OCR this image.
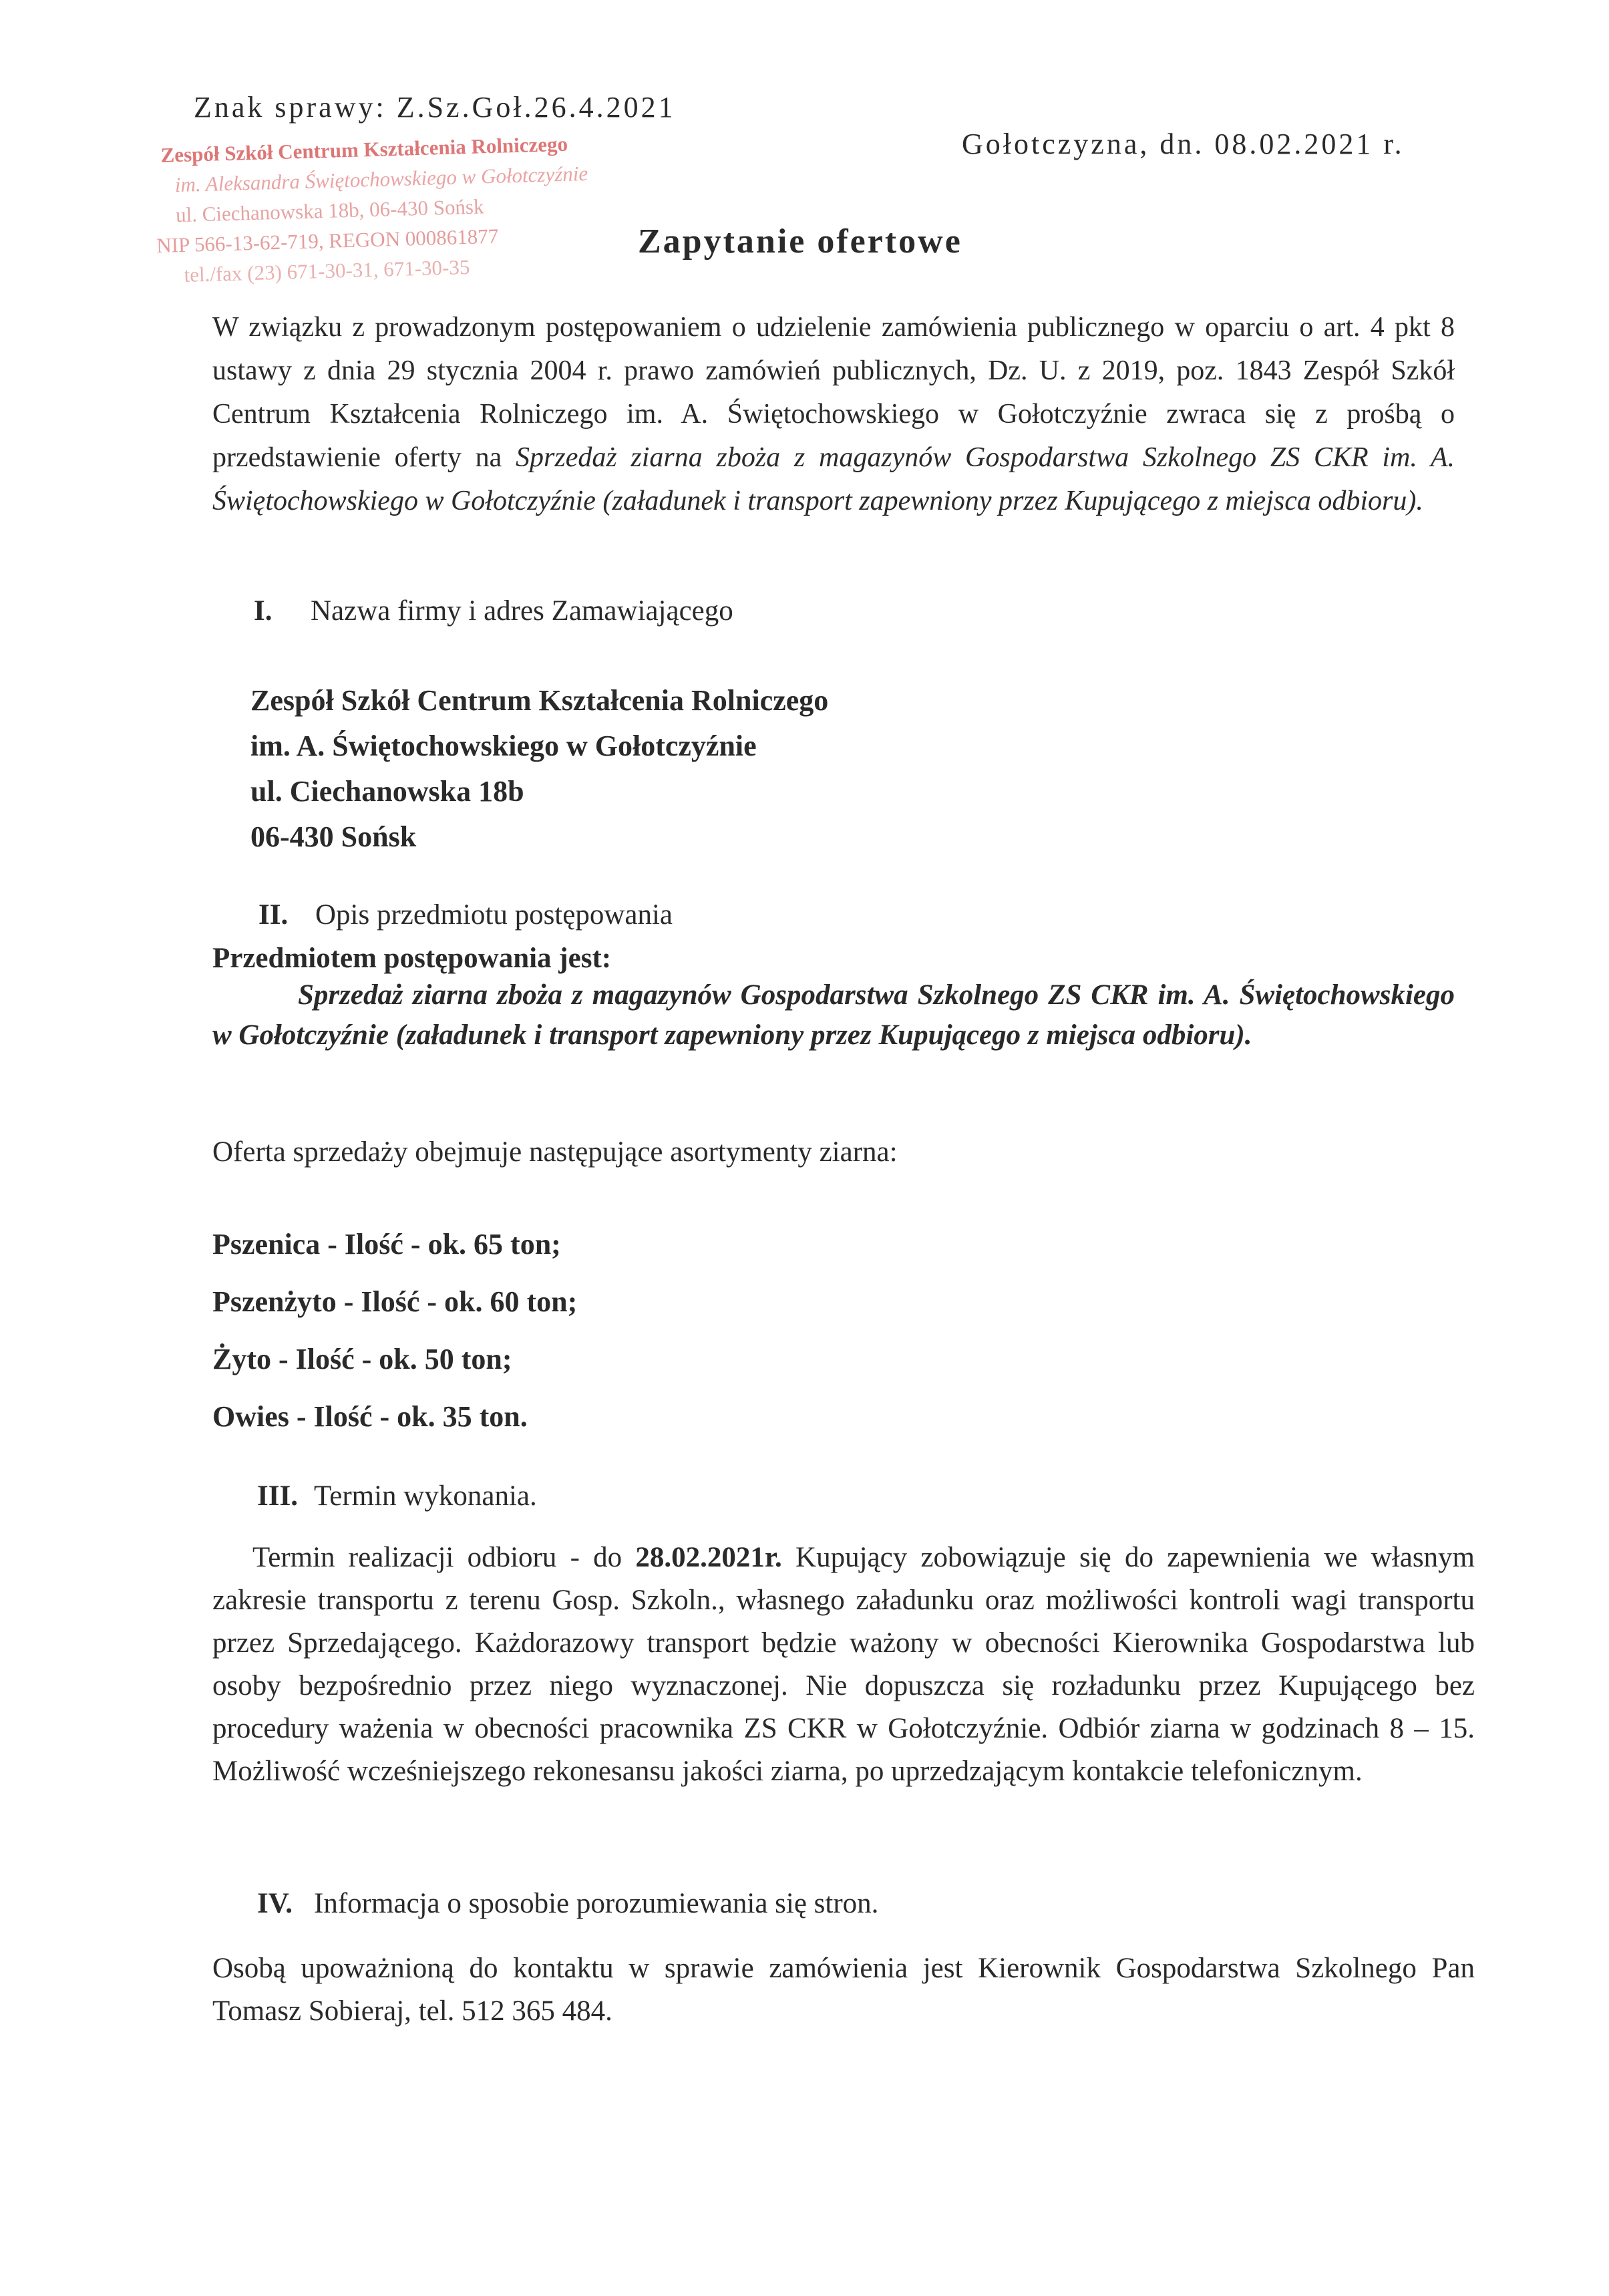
Znak sprawy: Z.Sz.Goł.26.4.2021
Zespół Szkół Centrum Kształcenia Rolniczego
im. Aleksandra Świętochowskiego w Gołotczyźnie
ul. Ciechanowska 18b, 06-430 Sońsk
NIP 566-13-62-719, REGON 000861877
tel./fax (23) 671-30-31, 671-30-35
Gołotczyzna, dn. 08.02.2021 r.
Zapytanie ofertowe
W związku z prowadzonym postępowaniem o udzielenie zamówienia publicznego w oparciu o art. 4 pkt 8 ustawy z dnia 29 stycznia 2004 r. prawo zamówień publicznych, Dz. U. z 2019, poz. 1843 Zespół Szkół Centrum Kształcenia Rolniczego im. A. Świętochowskiego w Gołotczyźnie zwraca się z prośbą o przedstawienie oferty na Sprzedaż ziarna zboża z magazynów Gospodarstwa Szkolnego ZS CKR im. A. Świętochowskiego w Gołotczyźnie (załadunek i transport zapewniony przez Kupującego z miejsca odbioru).
I. Nazwa firmy i adres Zamawiającego
Zespół Szkół Centrum Kształcenia Rolniczego
im. A. Świętochowskiego w Gołotczyźnie
ul. Ciechanowska 18b
06-430 Sońsk
II. Opis przedmiotu postępowania
Przedmiotem postępowania jest:
Sprzedaż ziarna zboża z magazynów Gospodarstwa Szkolnego ZS CKR im. A. Świętochowskiego w Gołotczyźnie (załadunek i transport zapewniony przez Kupującego z miejsca odbioru).
Oferta sprzedaży obejmuje następujące asortymenty ziarna:
Pszenica - Ilość - ok. 65 ton;
Pszenżyto - Ilość - ok. 60 ton;
Żyto - Ilość - ok. 50 ton;
Owies - Ilość - ok. 35 ton.
III. Termin wykonania.

Termin realizacji odbioru - do 28.02.2021r. Kupujący zobowiązuje się do zapewnienia we własnym zakresie transportu z terenu Gosp. Szkoln., własnego załadunku oraz możliwości kontroli wagi transportu przez Sprzedającego. Każdorazowy transport będzie ważony w obecności Kierownika Gospodarstwa lub osoby bezpośrednio przez niego wyznaczonej. Nie dopuszcza się rozładunku przez Kupującego bez procedury ważenia w obecności pracownika ZS CKR w Gołotczyźnie. Odbiór ziarna w godzinach 8 – 15. Możliwość wcześniejszego rekonesansu jakości ziarna, po uprzedzającym kontakcie telefonicznym.

IV. Informacja o sposobie porozumiewania się stron.
Osobą upoważnioną do kontaktu w sprawie zamówienia jest Kierownik Gospodarstwa Szkolnego Pan Tomasz Sobieraj, tel. 512 365 484.
